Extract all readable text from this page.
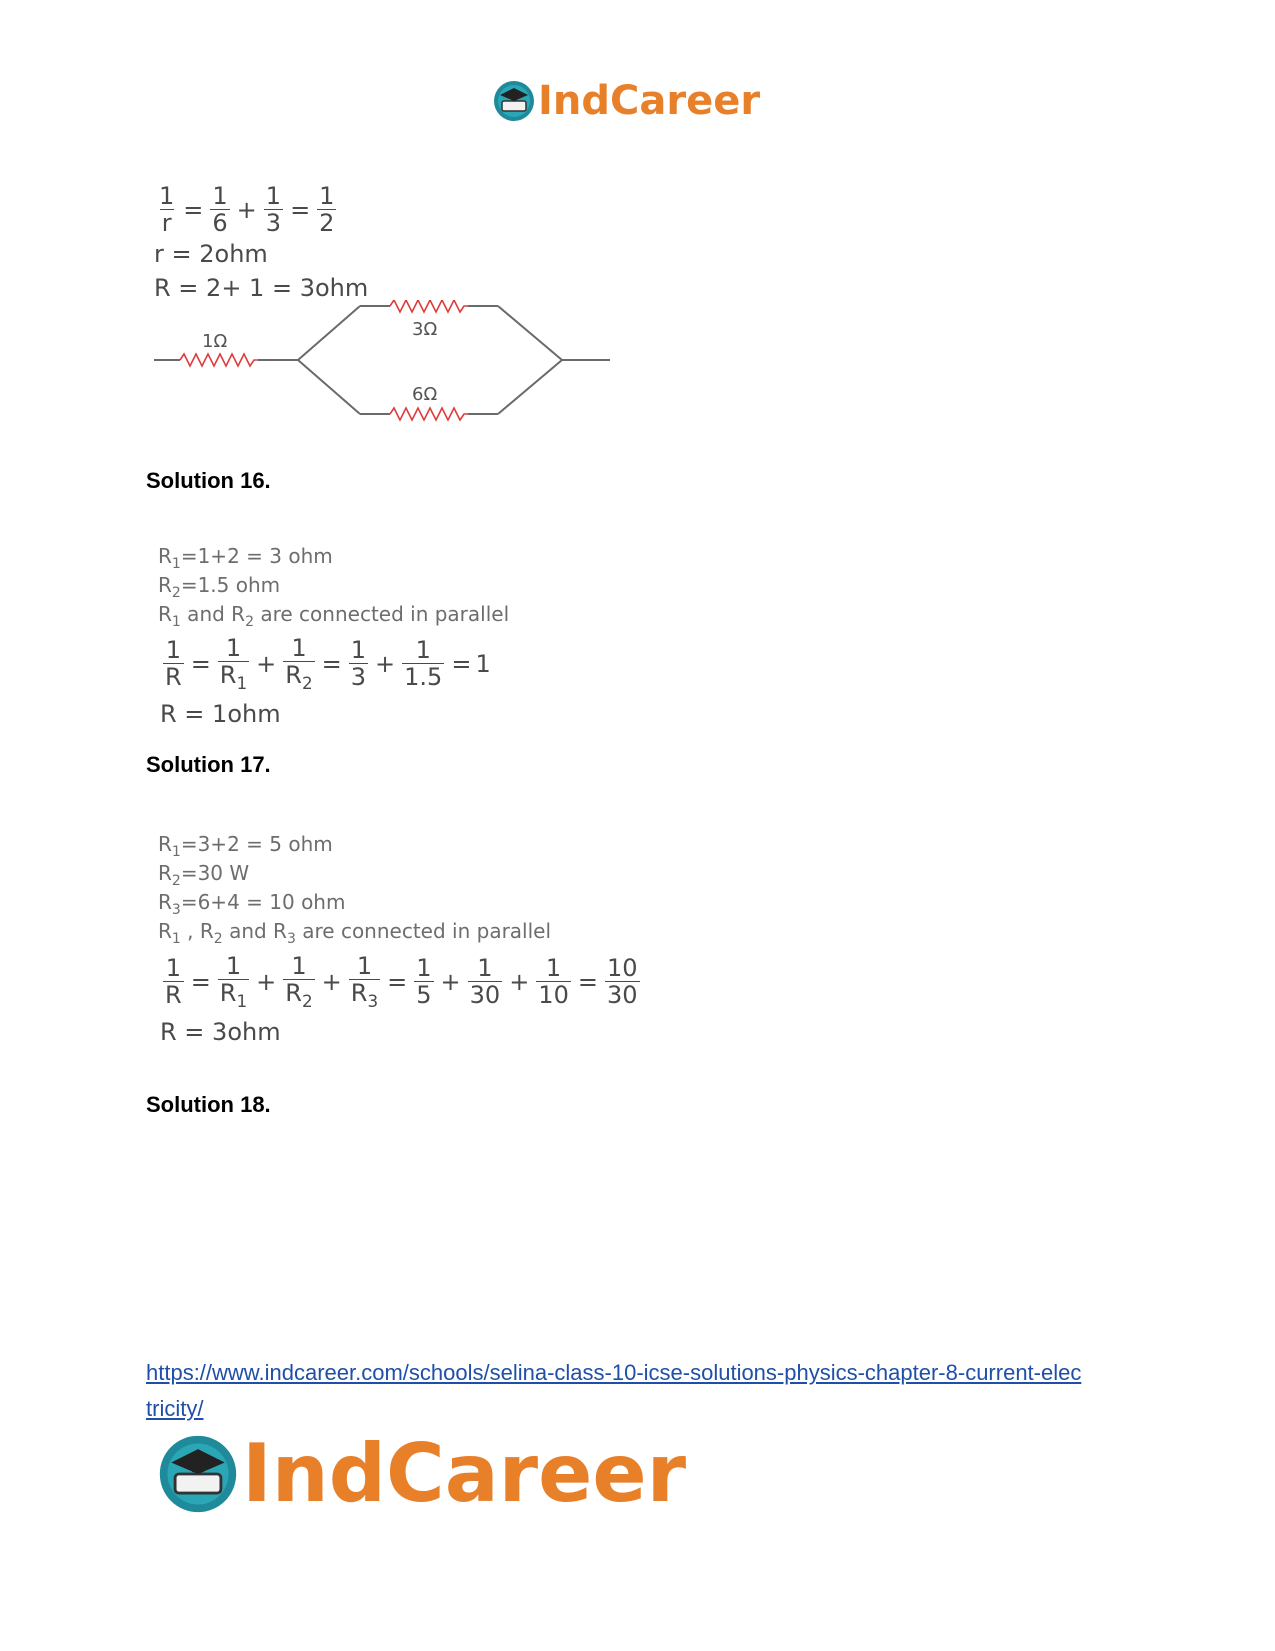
IndCareer
$\frac{1}{r} = \frac{1}{6} + \frac{1}{3} = \frac{1}{2}$
r = 2ohm
R = 2+ 1 = 3ohm
1Ω
3Ω
6Ω
Solution 16.
$R_1=1+2 = 3$ ohm
$R_2=1.5$ ohm
$R_1$ and $R_2$ are connected in parallel
$\frac{1}{R} = \frac{1}{R_1} + \frac{1}{R_2} = \frac{1}{3} + \frac{1}{1.5} = 1$
R = 1ohm
Solution 17.
$R_1=3+2 = 5$ ohm
$R_2=30$ W
$R_3=6+4 = 10$ ohm
$R_1$ , $R_2$ and $R_3$ are connected in parallel
$\frac{1}{R} = \frac{1}{R_1} + \frac{1}{R_2} + \frac{1}{R_3} = \frac{1}{5} + \frac{1}{30} + \frac{1}{10} = \frac{10}{30}$
R = 3ohm
Solution 18.
https://www.indcareer.com/schools/selina-class-10-icse-solutions-physics-chapter-8-current-elec
tricity/
IndCareer
